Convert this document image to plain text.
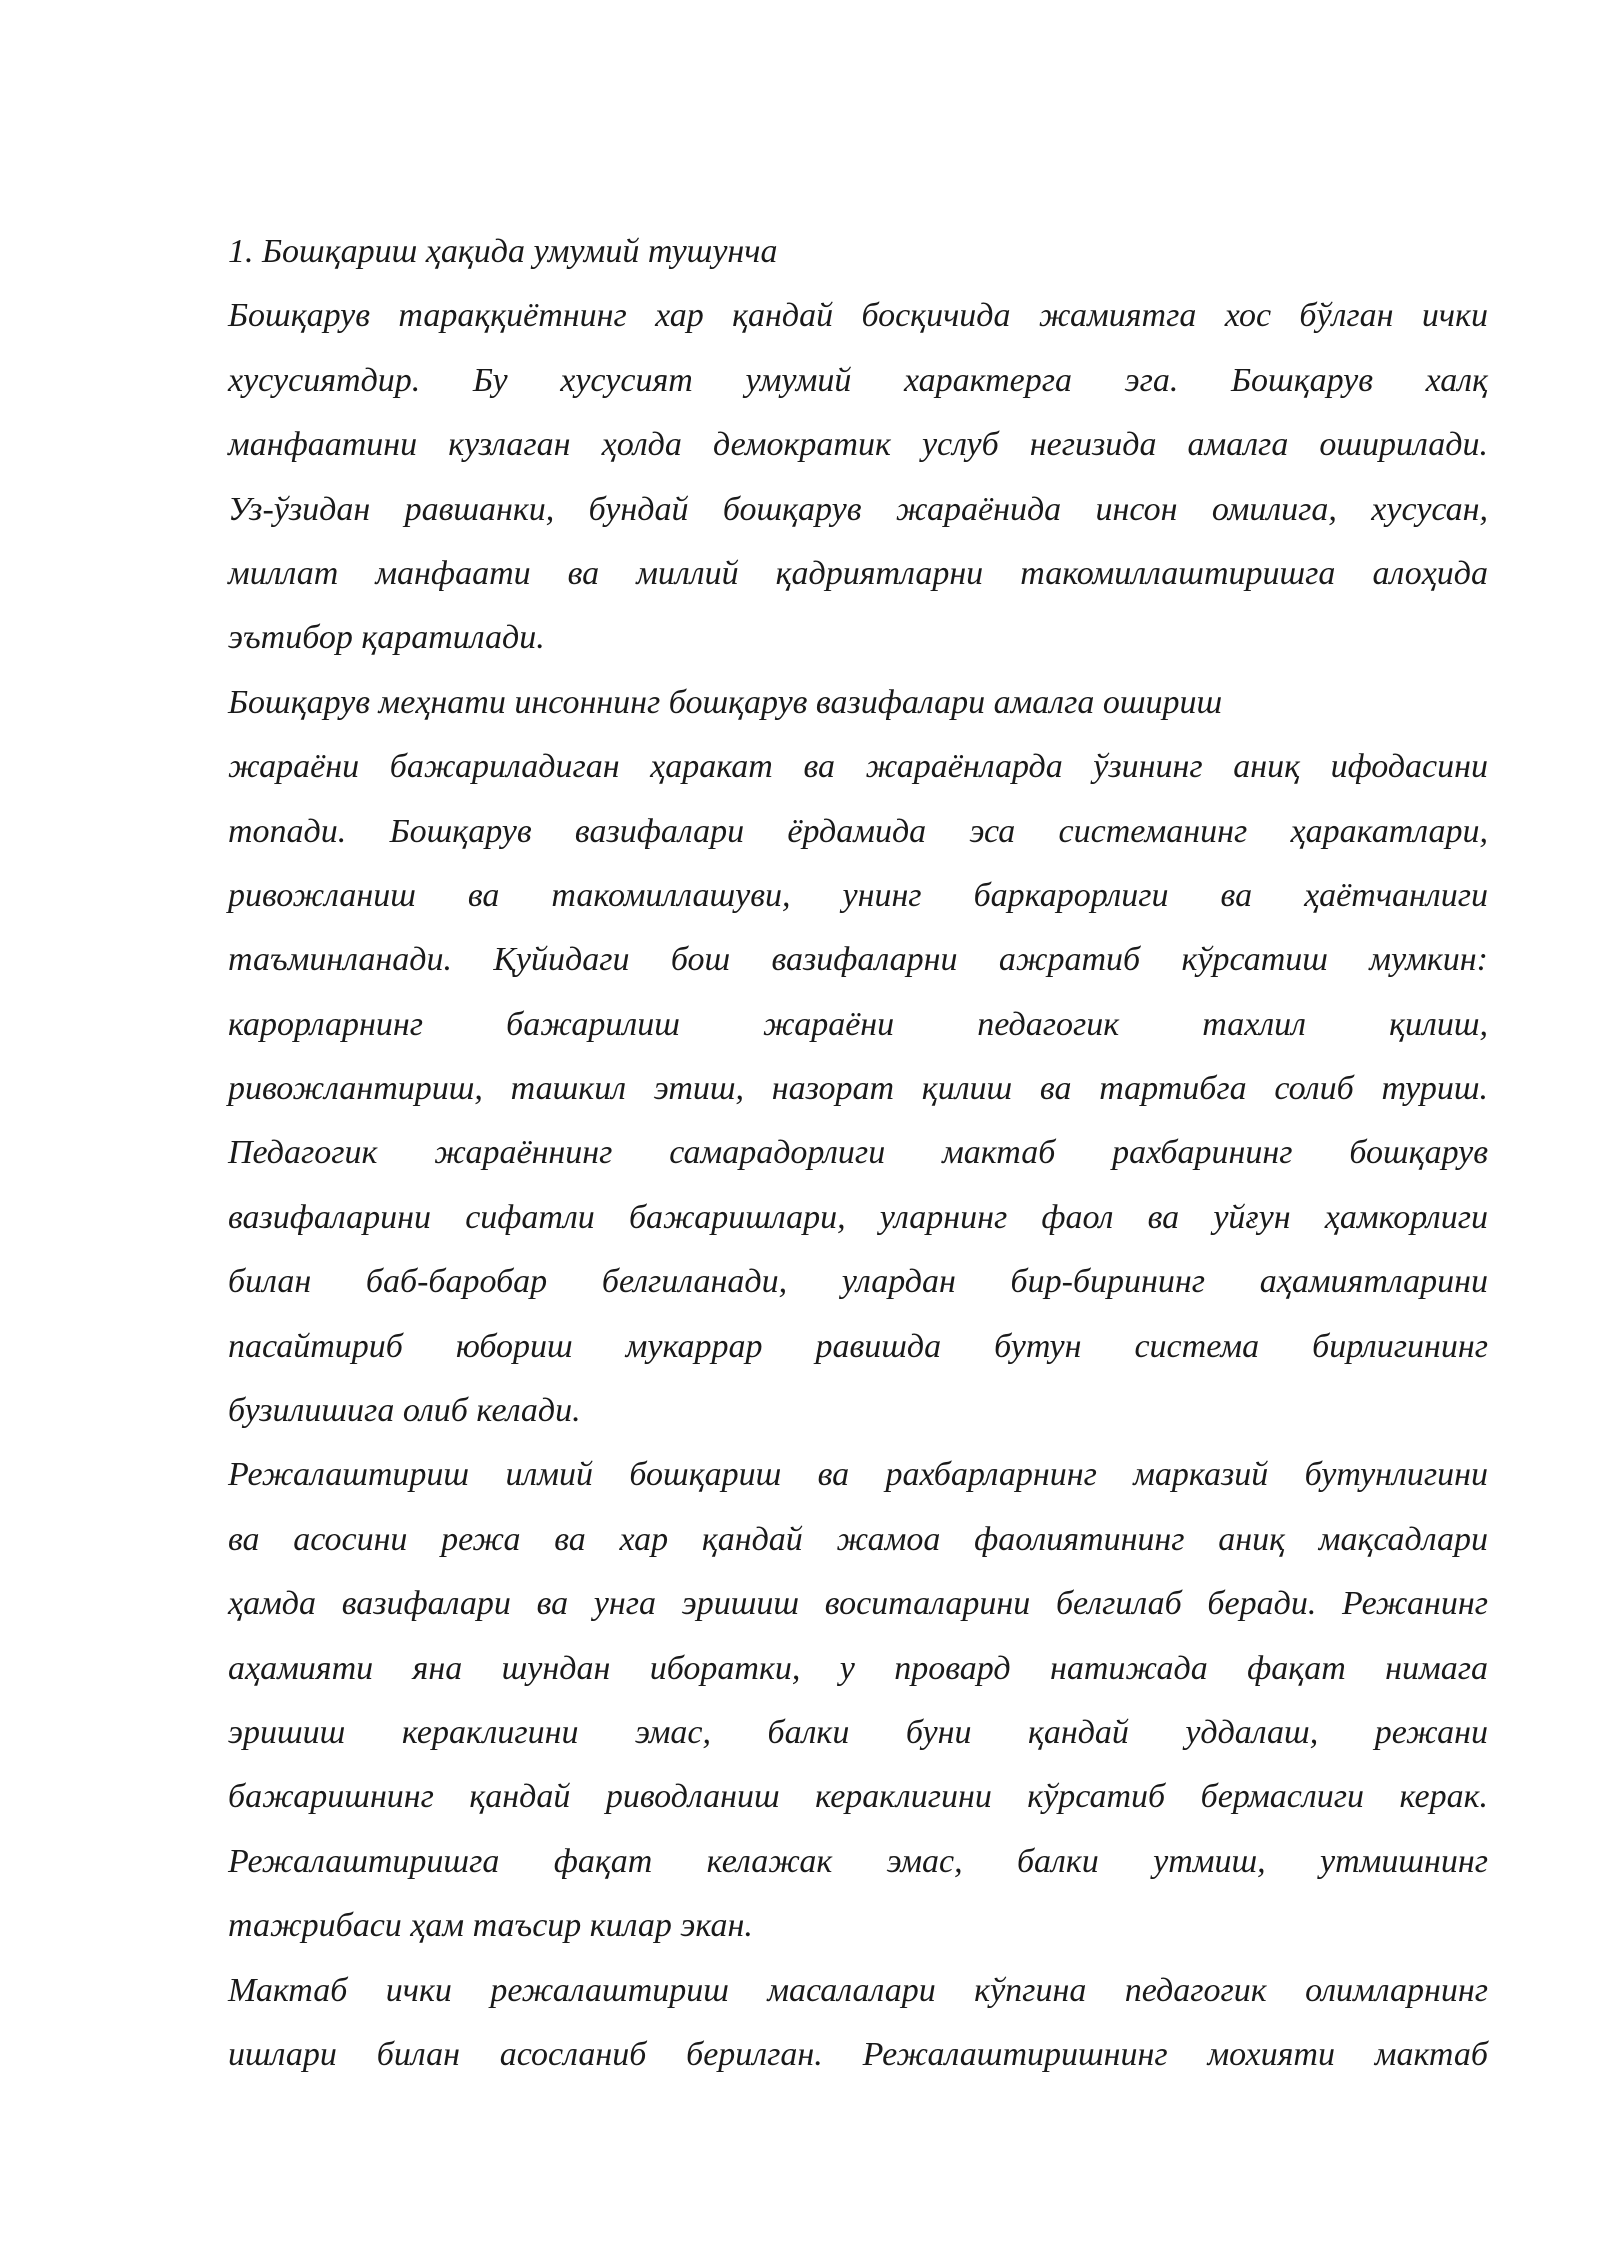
1. Бошқариш ҳақида умумий тушунча
Бошқарув тараққиётнинг хар қандай босқичида жамиятга хос бўлган ички
хусусиятдир. Бу хусусият умумий характерга эга. Бошқарув халқ
манфаатини кузлаган ҳолда демократик услуб негизида амалга оширилади.
Уз-ўзидан равшанки, бундай бошқарув жараёнида инсон омилига, хусусан,
миллат манфаати ва миллий қадриятларни такомиллаштиришга алоҳида
эътибор қаратилади.
Бошқарув меҳнати инсоннинг бошқарув вазифалари амалга ошириш
жараёни бажариладиган ҳаракат ва жараёнларда ўзининг аниқ ифодасини
топади. Бошқарув вазифалари ёрдамида эса системанинг ҳаракатлари,
ривожланиш ва такомиллашуви, унинг баркарорлиги ва ҳаётчанлиги
таъминланади. Қуйидаги бош вазифаларни ажратиб кўрсатиш мумкин:
карорларнинг бажарилиш жараёни педагогик тахлил қилиш,
ривожлантириш, ташкил этиш, назорат қилиш ва тартибга солиб туриш.
Педагогик жараённинг самарадорлиги мактаб рахбарининг бошқарув
вазифаларини сифатли бажаришлари, уларнинг фаол ва уйғун ҳамкорлиги
билан баб-баробар белгиланади, улардан бир-бирининг аҳамиятларини
пасайтириб юбориш мукаррар равишда бутун система бирлигининг
бузилишига олиб келади.
Режалаштириш илмий бошқариш ва рахбарларнинг марказий бутунлигини
ва асосини режа ва хар қандай жамоа фаолиятининг аниқ мақсадлари
ҳамда вазифалари ва унга эришиш воситаларини белгилаб беради. Режанинг
аҳамияти яна шундан иборатки, у провард натижада фақат нимага
эришиш кераклигини эмас, балки буни қандай уддалаш, режани
бажаришнинг қандай риводланиш кераклигини кўрсатиб бермаслиги керак.
Режалаштиришга фақат келажак эмас, балки утмиш, утмишнинг
тажрибаси ҳам таъсир килар экан.
Мактаб ички режалаштириш масалалари кўпгина педагогик олимларнинг
ишлари билан асосланиб берилган. Режалаштиришнинг мохияти мактаб
